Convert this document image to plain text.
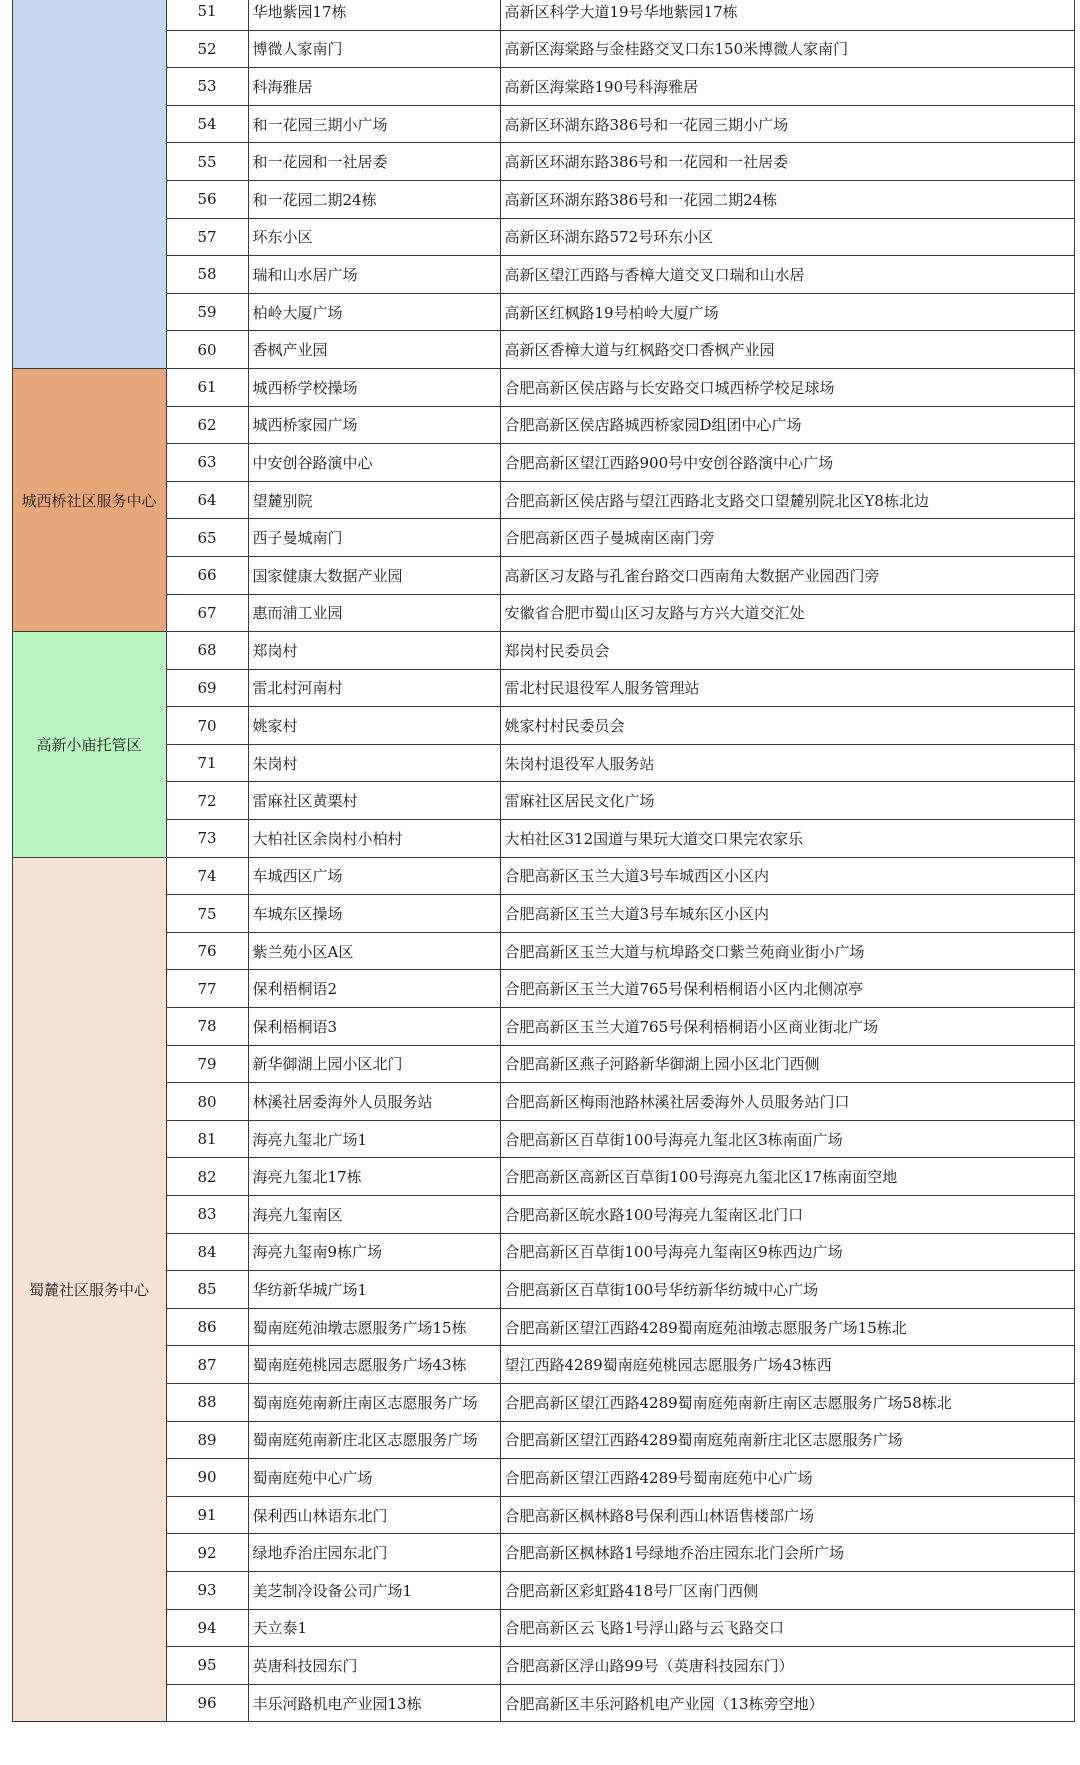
		51	华地紫园17栋	高新区科学大道19号华地紫园17栋	
		52	博微人家南门	高新区海棠路与金桂路交叉口东150米博微人家南门	
		53	科海雅居	高新区海棠路190号科海雅居	
		54	和一花园三期小广场	高新区环湖东路386号和一花园三期小广场	
		55	和一花园和一社居委	高新区环湖东路386号和一花园和一社居委	
		56	和一花园二期24栋	高新区环湖东路386号和一花园二期24栋	
		57	环东小区	高新区环湖东路572号环东小区	
		58	瑞和山水居广场	高新区望江西路与香樟大道交叉口瑞和山水居	
		59	柏岭大厦广场	高新区红枫路19号柏岭大厦广场	
		60	香枫产业园	高新区香樟大道与红枫路交口香枫产业园	
	城西桥社区服务中心	61	城西桥学校操场	合肥高新区侯店路与长安路交口城西桥学校足球场	
		62	城西桥家园广场	合肥高新区侯店路城西桥家园D组团中心广场	
		63	中安创谷路演中心	合肥高新区望江西路900号中安创谷路演中心广场	
		64	望麓别院	合肥高新区侯店路与望江西路北支路交口望麓别院北区Y8栋北边	
		65	西子曼城南门	合肥高新区西子曼城南区南门旁	
		66	国家健康大数据产业园	高新区习友路与孔雀台路交口西南角大数据产业园西门旁	
		67	惠而浦工业园	安徽省合肥市蜀山区习友路与方兴大道交汇处	
	高新小庙托管区	68	郑岗村	郑岗村民委员会	
		69	雷北村河南村	雷北村民退役军人服务管理站	
		70	姚家村	姚家村村民委员会	
		71	朱岗村	朱岗村退役军人服务站	
		72	雷麻社区黄栗村	雷麻社区居民文化广场	
		73	大柏社区余岗村小柏村	大柏社区312国道与果玩大道交口果完农家乐	
	蜀麓社区服务中心	74	车城西区广场	合肥高新区玉兰大道3号车城西区小区内	
		75	车城东区操场	合肥高新区玉兰大道3号车城东区小区内	
		76	紫兰苑小区A区	合肥高新区玉兰大道与杭埠路交口紫兰苑商业街小广场	
		77	保利梧桐语2	合肥高新区玉兰大道765号保利梧桐语小区内北侧凉亭	
		78	保利梧桐语3	合肥高新区玉兰大道765号保利梧桐语小区商业街北广场	
		79	新华御湖上园小区北门	合肥高新区燕子河路新华御湖上园小区北门西侧	
		80	林溪社居委海外人员服务站	合肥高新区梅雨池路林溪社居委海外人员服务站门口	
		81	海亮九玺北广场1	合肥高新区百草街100号海亮九玺北区3栋南面广场	
		82	海亮九玺北17栋	合肥高新区高新区百草街100号海亮九玺北区17栋南面空地	
		83	海亮九玺南区	合肥高新区皖水路100号海亮九玺南区北门口	
		84	海亮九玺南9栋广场	合肥高新区百草街100号海亮九玺南区9栋西边广场	
		85	华纺新华城广场1	合肥高新区百草街100号华纺新华纺城中心广场	
		86	蜀南庭苑油墩志愿服务广场15栋	合肥高新区望江西路4289蜀南庭苑油墩志愿服务广场15栋北	
		87	蜀南庭苑桃园志愿服务广场43栋	望江西路4289蜀南庭苑桃园志愿服务广场43栋西	
		88	蜀南庭苑南新庄南区志愿服务广场	合肥高新区望江西路4289蜀南庭苑南新庄南区志愿服务广场58栋北	
		89	蜀南庭苑南新庄北区志愿服务广场	合肥高新区望江西路4289蜀南庭苑南新庄北区志愿服务广场	
		90	蜀南庭苑中心广场	合肥高新区望江西路4289号蜀南庭苑中心广场	
		91	保利西山林语东北门	合肥高新区枫林路8号保利西山林语售楼部广场	
		92	绿地乔治庄园东北门	合肥高新区枫林路1号绿地乔治庄园东北门会所广场	
		93	美芝制冷设备公司广场1	合肥高新区彩虹路418号厂区南门西侧	
		94	天立泰1	合肥高新区云飞路1号浮山路与云飞路交口	
		95	英唐科技园东门	合肥高新区浮山路99号（英唐科技园东门）	
		96	丰乐河路机电产业园13栋	合肥高新区丰乐河路机电产业园（13栋旁空地）	
